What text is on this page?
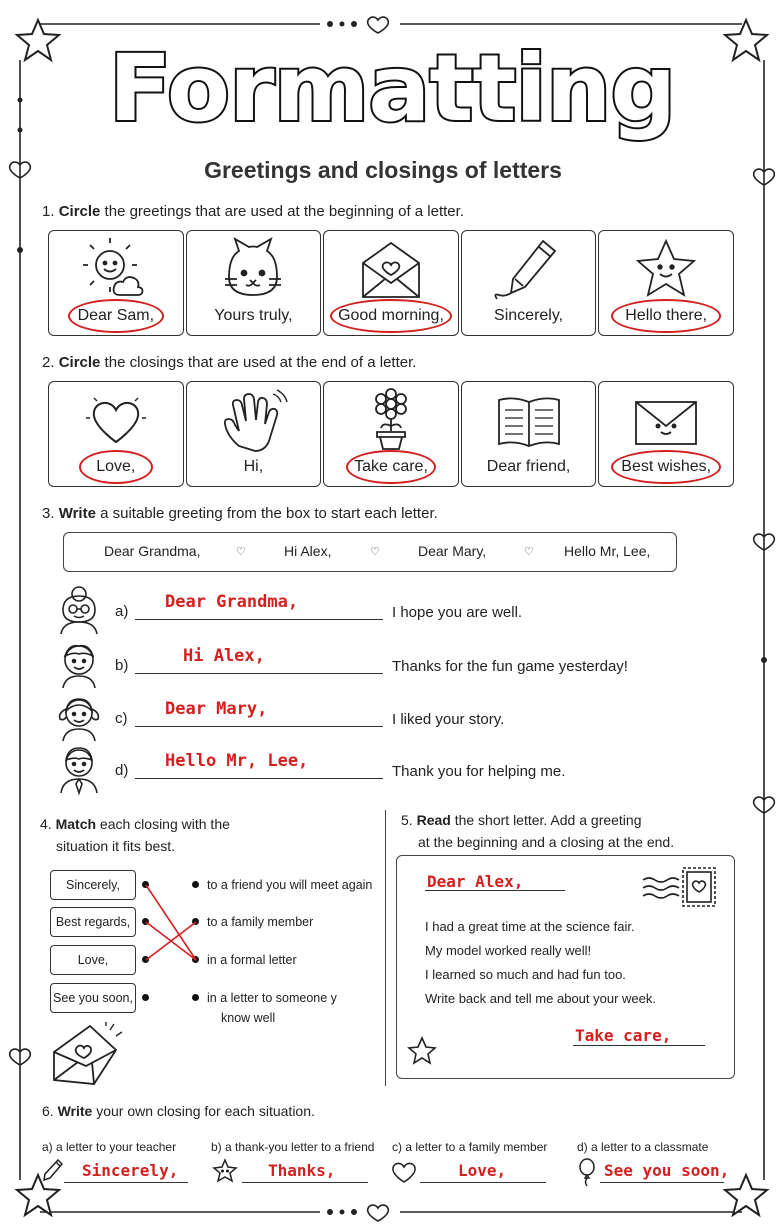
Formatting
Greetings and closings of letters
1. Circle the greetings that are used at the beginning of a letter.
Dear Sam,	Yours truly,	Good morning,	Sincerely,	Hello there,
2. Circle the closings that are used at the end of a letter.
Love,	Hi,	Take care,	Dear friend,	Best wishes,
3. Write a suitable greeting from the box to start each letter.
Dear Grandma,	♡	Hi Alex,	♡	Dear Mary,	♡ Hello Mr, Lee,
a) Dear Grandma,
I hope you are well.
b)	Hi Alex,
Thanks for the fun game yesterday!
c) Dear Mary,
I liked your story.
d) Hello Mr, Lee,
Thank you for helping me.
4. Match each closing with the
situation it fits best.
Sincerely,
Best regards,
Love,
See you soon,
to a friend you will meet again
to a family member
in a formal letter
in a letter to someone y
know well
5. Read the short letter. Add a greeting
at the beginning and a closing at the end.
Dear Alex,
I had a great time at the science fair.
My model worked really well!
I learned so much and had fun too.
Write back and tell me about your week.
Take care,
6. Write your own closing for each situation.
a) a letter to your teacher	b) a thank-you letter to a friend c) a letter to a family member d) a letter to a classmate
Sincerely,	Thanks,	Love,	See you soon,
